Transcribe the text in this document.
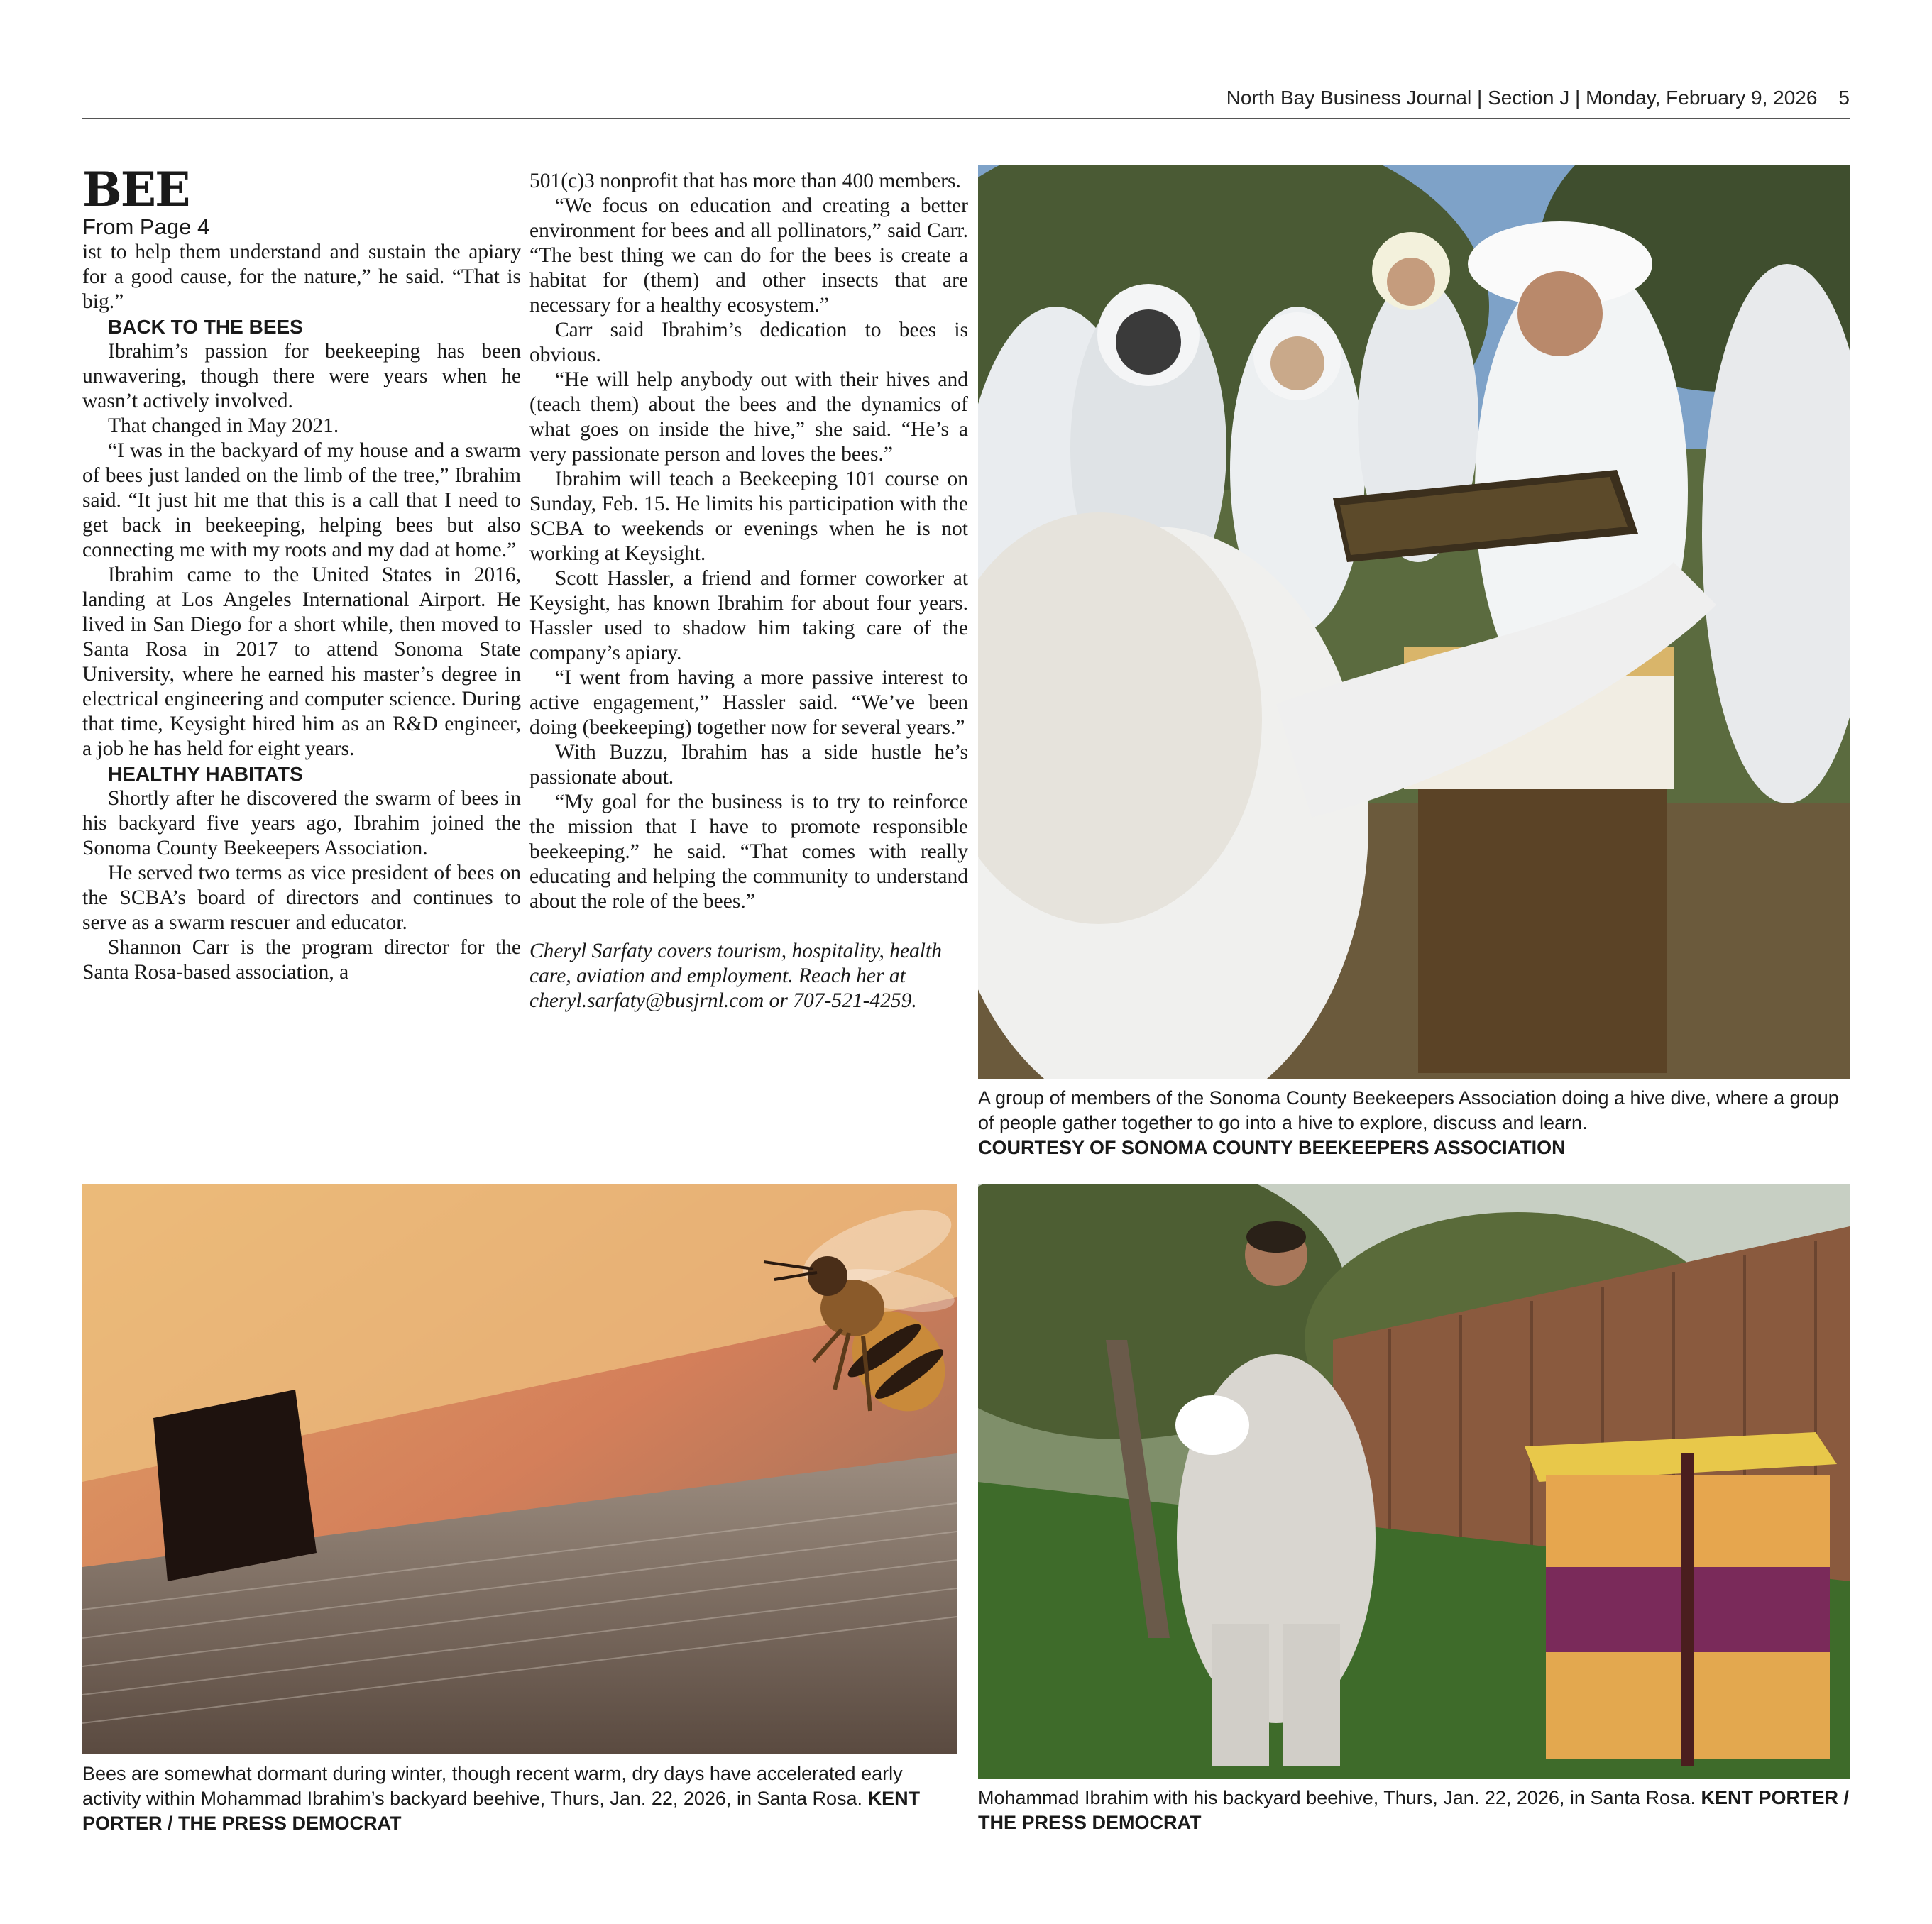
North Bay Business Journal | Section J | Monday, February 9, 2026 5

BEE

From Page 4

ist to help them understand and sustain the apiary for a good cause, for the nature,” he said. “That is big.”

BACK TO THE BEES

Ibrahim’s passion for beekeeping has been unwavering, though there were years when he wasn’t actively involved.

That changed in May 2021.

“I was in the backyard of my house and a swarm of bees just landed on the limb of the tree,” Ibrahim said. “It just hit me that this is a call that I need to get back in beekeeping, helping bees but also connecting me with my roots and my dad at home.”

Ibrahim came to the United States in 2016, landing at Los Angeles International Airport. He lived in San Diego for a short while, then moved to Santa Rosa in 2017 to attend Sonoma State University, where he earned his master’s degree in electrical engineering and computer science. During that time, Keysight hired him as an R&D engineer, a job he has held for eight years.

HEALTHY HABITATS

Shortly after he discovered the swarm of bees in his backyard five years ago, Ibrahim joined the Sonoma County Beekeepers Association.

He served two terms as vice president of bees on the SCBA’s board of directors and continues to serve as a swarm rescuer and educator.

Shannon Carr is the program director for the Santa Rosa-based association, a

501(c)3 nonprofit that has more than 400 members.

“We focus on education and creating a better environment for bees and all pollinators,” said Carr. “The best thing we can do for the bees is create a habitat for (them) and other insects that are necessary for a healthy ecosystem.”

Carr said Ibrahim’s dedication to bees is obvious.

“He will help anybody out with their hives and (teach them) about the bees and the dynamics of what goes on inside the hive,” she said. “He’s a very passionate person and loves the bees.”

Ibrahim will teach a Beekeeping 101 course on Sunday, Feb. 15. He limits his participation with the SCBA to weekends or evenings when he is not working at Keysight.

Scott Hassler, a friend and former coworker at Keysight, has known Ibrahim for about four years. Hassler used to shadow him taking care of the company’s apiary.

“I went from having a more passive interest to active engagement,” Hassler said. “We’ve been doing (beekeeping) together now for several years.”

With Buzzu, Ibrahim has a side hustle he’s passionate about.

“My goal for the business is to try to reinforce the mission that I have to promote responsible beekeeping.” he said. “That comes with really educating and helping the community to understand about the role of the bees.”

Cheryl Sarfaty covers tourism, hospitality, health care, aviation and employment. Reach her at cheryl.sarfaty@busjrnl.com or 707-521-4259.

A group of members of the Sonoma County Beekeepers Association doing a hive dive, where a group of people gather together to go into a hive to explore, discuss and learn.
COURTESY OF SONOMA COUNTY BEEKEEPERS ASSOCIATION
Bees are somewhat dormant during winter, though recent warm, dry days have accelerated early activity within Mohammad Ibrahim’s backyard beehive, Thurs, Jan. 22, 2026, in Santa Rosa. KENT PORTER / THE PRESS DEMOCRAT
Mohammad Ibrahim with his backyard beehive, Thurs, Jan. 22, 2026, in Santa Rosa. KENT PORTER / THE PRESS DEMOCRAT
